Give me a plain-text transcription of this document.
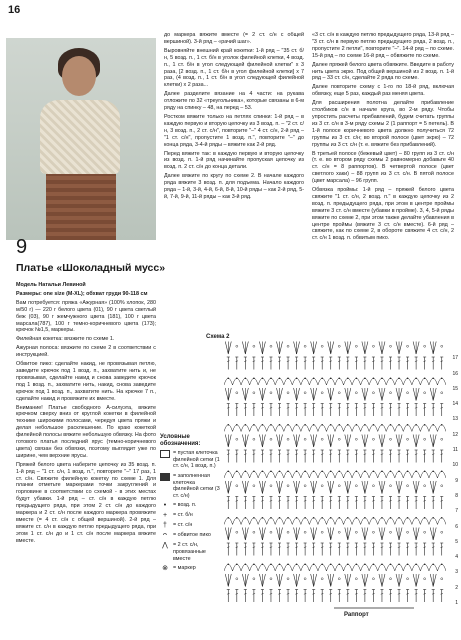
16
9
Платье «Шоколадный мусс»

Модель Натальи Левиной

Размеры: one size (M-XL); обхват груди 90-118 см

Вам потребуется: пряжа «Ажурная» (100% хлопок, 280 м/50 г) — 220 г белого цвета (01), 90 г цвета светлый беж (03), 90 г жемчужного цвета (181), 100 г цвета марсала(787), 100 г темно-коричневого цвета (173); крючок №1,5, маркеры.

Филейная кокетка: вязжите по схеме 1.

Ажурная полоса: вязжите по схеме 2 в соответствии с инструкцией.

Обвитое пико: сделайте накид, не провязывая петлю, заведите крючок под 1 возд. п., захватите нить и, не провязывая, сделайте накид и снова заведите крючок под 1 возд. п., захватите нить, накид, снова заведите крючок под 1 возд. п., захватите нить. На крючке 7 п., сделайте накид и провяжите их вместе.

Внимание! Платье свободного А-силуэта, вяжите крючком сверху вниз от круглой кокетки в филейной технике широкими полосами, чередуя цвета пряжи и делая небольшое расклешение. По краю кокеткой филейной полосы вяжите небольшую обвязку. На фото готового платья последний ярус (темно-коричневого цвета) связан без обвязки, поэтому выглядит уже по ширине, чем верхние ярусы.

Пряжей белого цвета наберите цепочку из 35 возд. п. 1-й ряд – "1 ст. с/н, 1 возд. п.", повторите "–" 17 раз, 1 ст. с/н. Свяжите филейную кокетку по схеме 1. Для планки отметьте маркерами точки закруглений и горловине в соответствии со схемой - в этих местах будут убавки. 1-й ряд – ст. с/н в каждую петлю предыдущего ряда, при этом 2 ст. с/н до каждого маркера и 2 ст. с/н после каждого маркера провяжите вместе (= 4 ст. с/н с общей вершиной). 2-й ряд – вяжите ст. с/н в каждую петлю предыдущего ряда, при этом 1 ст. с/н до и 1 ст. с/н после маркера вяжите вместе.

до маркера вяжите вместе (= 2 ст. с/н с общей вершиной). 3-й ряд – «рачий шаг».

Выровняйте внешний край кокетки: 1-й ряд – "35 ст. б/н, 5 возд. п., 1 ст. б/н в уголок филейной клетки, 4 возд. п., 1 ст. б/н в угол следующей филейной клетки" х 3 раза, [2 возд. п., 1 ст. б/н в угол филейной клетки] х 7 раз, (4 возд. п., 1 ст. б/н в угол следующей филейной клетки) x 2 раза...

Далее разделите вязание на 4 части: на рукава отложите по 32 «треугольника», которые связаны в 6-м ряду на спинку – 48, на перед – 53.

Ростком вяжите только на петлях спинки: 1-й ряд – в каждую первую и вторую цепочку из 3 возд. п. – "2 ст. с/н, 3 возд. п., 2 ст. с/н", повторите "–" 4 ст. с/н, 2-й ряд – "1 ст. с/н", пропустите 1 возд. п.", повторите "–" до конца ряда, 3-4-й ряды – вяжите как 2-й ряд.

Перед вяжите так: в каждую первую и вторую цепочку из возд. п. 1-й ряд начинайте пропуская цепочку из возд. п. 2 ст. с/н до конца детали.

Далее вяжите по кругу по схеме 2. В начале каждого ряда вяжите 3 возд. п. для подъема. Начало каждого ряда – 1-й, 3-й, 4-й, 6-й, 8-й, 10-й ряды – как 2-й ряд, 5-й, 7-й, 9-й, 11-й ряды – как 3-й ряд.

«3 ст. с/н в каждую петлю предыдущего ряда, 13-й ряд – "3 ст. с/н в первую петлю предыдущего ряда, 2 возд. п., пропустите 2 петли", повторите "–". 14-й ряд – по схеме. 15-й ряд – по схеме 16-й ряд – обвяжите по схеме.

Далее пряжей белого цвета обвяжите. Введите в работу нить цвета экрю. Под общей вершиной из 2 возд. п. 1-й ряд – 33 ст. с/н, сделайте 2 ряда по схеме.

Далее повторите схему с 1-го по 18-й ряд, включая обвязку, еще 5 раз, каждый раз меняя цвета.

Для расширения полотна делайте прибавление столбиков с/н в начале круга, во 2-м ряду. Чтобы упростить расчеты прибавлений, будем считать группы из 3 ст. с/н в 3-м ряду схемы 2 (1 раппорт = 5 петель). В 1-й полосе коричневого цвета должно получиться 72 группы из 3 ст. с/н; во второй полосе (цвет экрю) – 72 группы из 3 ст. с/н (т. е. вяжите без прибавлений).

В третьей полосе (бежевый цвет) – 80 групп из 3 ст. с/н (т. е. во втором ряду схемы 2 равномерно добавьте 40 ст. с/н = 8 раппортов). В четвертой полосе (цвет светлого хаки) – 88 групп из 3 ст. с/н. В пятой полосе (цвет марсала) – 96 групп.

Обвязка проймы: 1-й ряд – пряжей белого цвета свяжите "1 ст. с/н, 2 возд. п." в каждую цепочку из 2 возд. п. предыдущего ряда, при этом в центре проймы вяжите 3 ст. с/н вместе (убавки в пройме). 3, 4, 5-й ряды вяжите по схеме 2, при этом также делайте убавления в центре проймы (вяжите 3 ст. с/н вместе). 6-й ряд – свяжите, как по схеме 2, в обороте свяжите 4 ст. с/н, 2 ст. с/н 1 возд. п. обвитым пико.

Схема 2
Условные обозначения:
= пустая клеточка филейной сетки (1 ст. с/н, 1 возд. п.)
= заполненная клеточка филейной сетки (3 ст. с/н)
•	= возд. п.
+	= ст. б/н
†	= ст. с/н
ᴖ	= обвитое пико
⋀ = 2 ст. с/н, провязанные вместе
⊗ = маркер
1
2
3
4
5
6
7
8
9
10
11
12
13
14
15
16
17
Раппорт
